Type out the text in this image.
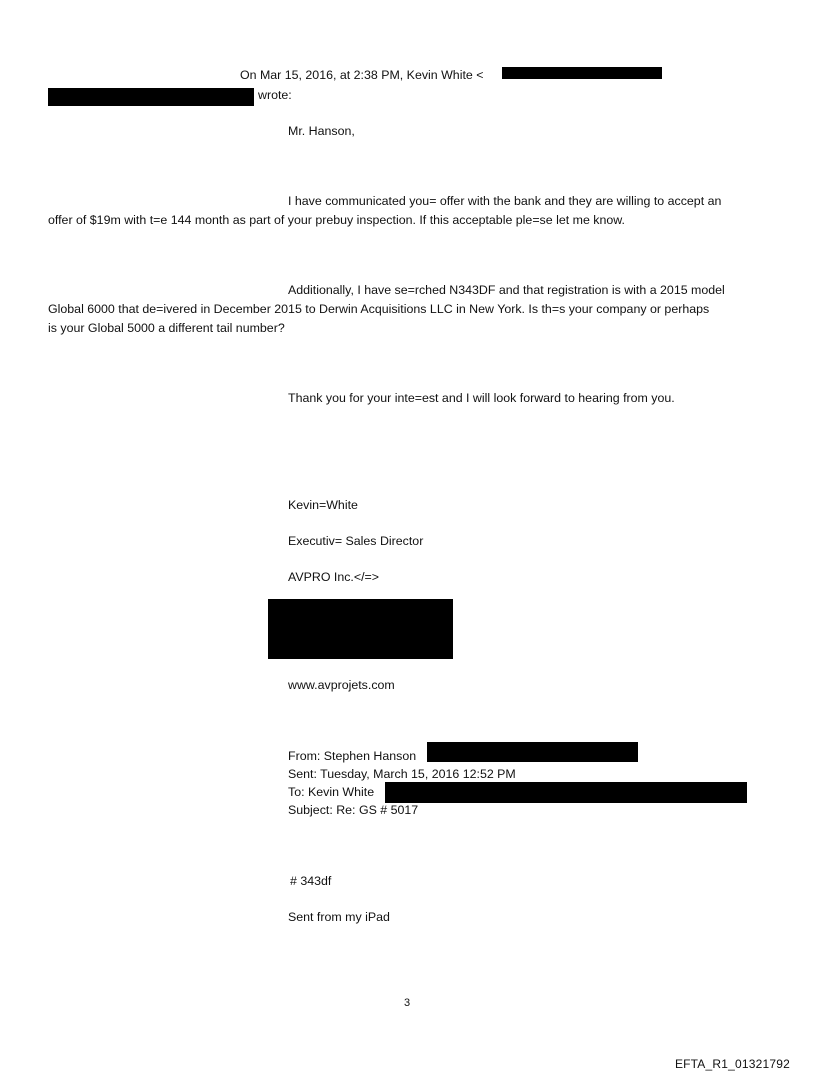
On Mar 15, 2016, at 2:38 PM, Kevin White <
wrote:
Mr. Hanson,
I have communicated you= offer with the bank and they are willing to accept an
offer of $19m with t=e 144 month as part of your prebuy inspection. If this acceptable ple=se let me know.
Additionally, I have se=rched N343DF and that registration is with a 2015 model
Global 6000 that de=ivered in December 2015 to Derwin Acquisitions LLC in New York. Is th=s your company or perhaps
is your Global 5000 a different tail number?
Thank you for your inte=est and I will look forward to hearing from you.
Kevin=White
Executiv= Sales Director
AVPRO Inc.</=>
www.avprojets.com
From: Stephen Hanson
Sent: Tuesday, March 15, 2016 12:52 PM
To: Kevin White
Subject: Re: GS # 5017
# 343df
Sent from my iPad
3
EFTA_R1_01321792
